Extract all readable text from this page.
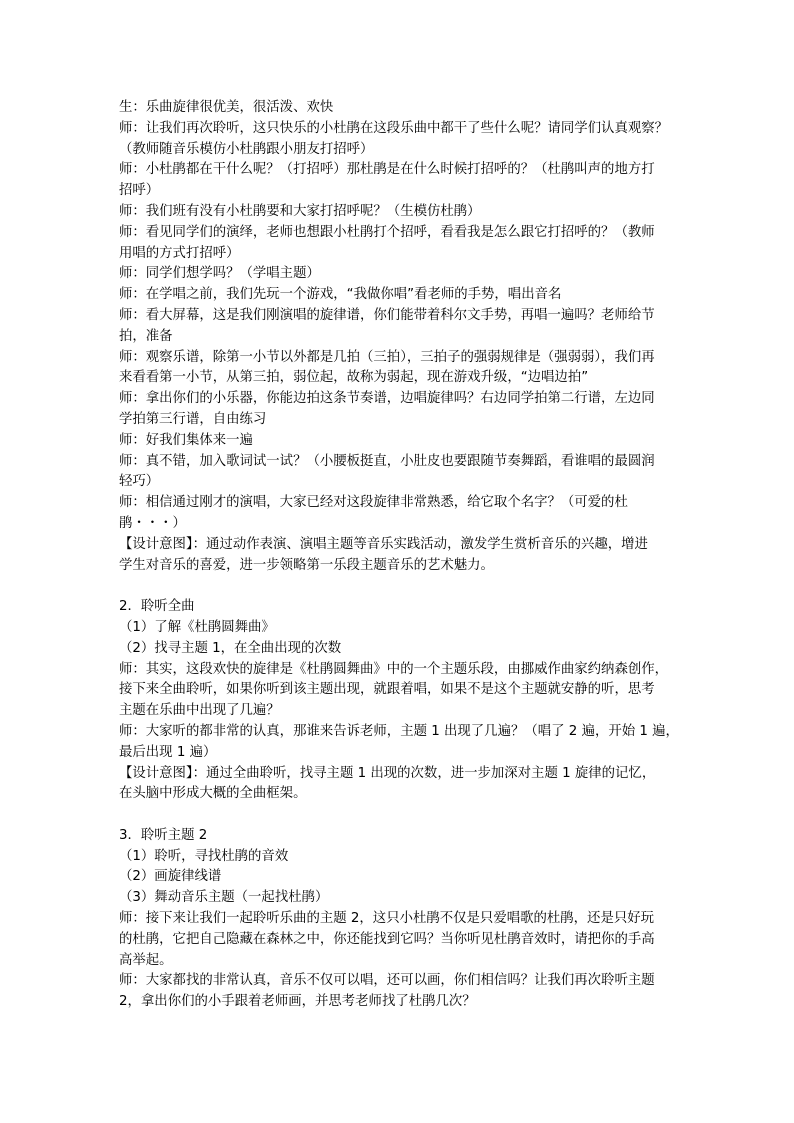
生：乐曲旋律很优美，很活泼、欢快
师：让我们再次聆听，这只快乐的小杜鹃在这段乐曲中都干了些什么呢？请同学们认真观察？
（教师随音乐模仿小杜鹃跟小朋友打招呼）
师：小杜鹃都在干什么呢？（打招呼）那杜鹃是在什么时候打招呼的？（杜鹃叫声的地方打
招呼）
师：我们班有没有小杜鹃要和大家打招呼呢？（生模仿杜鹃）
师：看见同学们的演绎，老师也想跟小杜鹃打个招呼，看看我是怎么跟它打招呼的？（教师
用唱的方式打招呼）
师：同学们想学吗？（学唱主题）
师：在学唱之前，我们先玩一个游戏，“我做你唱”看老师的手势，唱出音名
师：看大屏幕，这是我们刚演唱的旋律谱，你们能带着科尔文手势，再唱一遍吗？老师给节
拍，准备
师：观察乐谱，除第一小节以外都是几拍（三拍），三拍子的强弱规律是（强弱弱），我们再
来看看第一小节，从第三拍，弱位起，故称为弱起，现在游戏升级，“边唱边拍”
师：拿出你们的小乐器，你能边拍这条节奏谱，边唱旋律吗？右边同学拍第二行谱，左边同
学拍第三行谱，自由练习
师：好我们集体来一遍
师：真不错，加入歌词试一试？（小腰板挺直，小肚皮也要跟随节奏舞蹈，看谁唱的最圆润
轻巧）
师：相信通过刚才的演唱，大家已经对这段旋律非常熟悉，给它取个名字？（可爱的杜
鹃・・・）
【设计意图】：通过动作表演、演唱主题等音乐实践活动，激发学生赏析音乐的兴趣，增进
学生对音乐的喜爱，进一步领略第一乐段主题音乐的艺术魅力。
2．聆听全曲
（1）了解《杜鹃圆舞曲》
（2）找寻主题 1，在全曲出现的次数
师：其实，这段欢快的旋律是《杜鹃圆舞曲》中的一个主题乐段，由挪威作曲家约纳森创作，
接下来全曲聆听，如果你听到该主题出现，就跟着唱，如果不是这个主题就安静的听，思考
主题在乐曲中出现了几遍？
师：大家听的都非常的认真，那谁来告诉老师，主题 1 出现了几遍？（唱了 2 遍，开始 1 遍，
最后出现 1 遍）
【设计意图】：通过全曲聆听，找寻主题 1 出现的次数，进一步加深对主题 1 旋律的记忆，
在头脑中形成大概的全曲框架。
3．聆听主题 2
（1）聆听，寻找杜鹃的音效
（2）画旋律线谱
（3）舞动音乐主题（一起找杜鹃）
师：接下来让我们一起聆听乐曲的主题 2，这只小杜鹃不仅是只爱唱歌的杜鹃，还是只好玩
的杜鹃，它把自己隐藏在森林之中，你还能找到它吗？当你听见杜鹃音效时，请把你的手高
高举起。
师：大家都找的非常认真，音乐不仅可以唱，还可以画，你们相信吗？让我们再次聆听主题
2，拿出你们的小手跟着老师画，并思考老师找了杜鹃几次？
